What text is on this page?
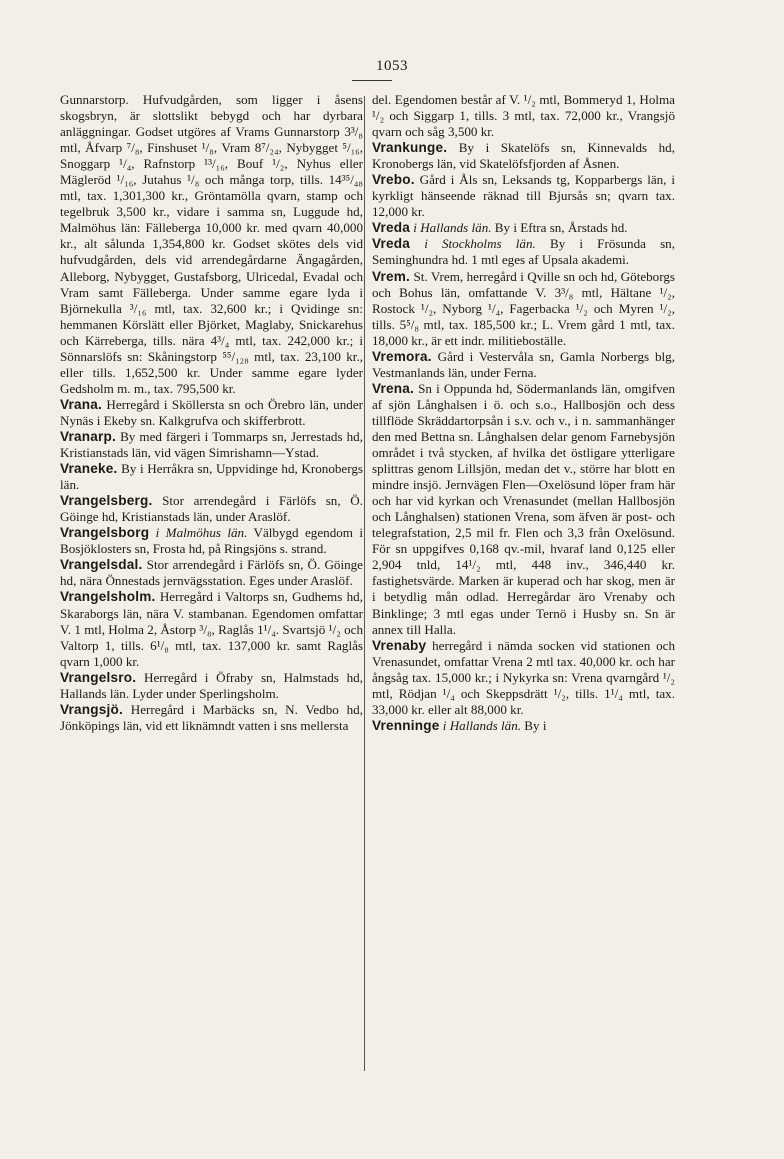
1053

Gunnarstorp. Hufvudgården, som ligger i åsens skogsbryn, är slottslikt bebygd och har dyrbara anläggningar. Godset utgöres af Vrams Gunnarstorp 3³/₈ mtl, Åfvarp ⁷/₈, Finshuset ¹/₈, Vram 8⁷/₂₄, Nybygget ⁵/₁₆, Snoggarp ¹/₄, Rafnstorp ¹³/₁₆, Bouf ¹/₂, Nyhus eller Mägleröd ¹/₁₆, Jutahus ¹/₈ och många torp, tills. 14³⁵/₄₈ mtl, tax. 1,301,300 kr., Gröntamölla qvarn, stamp och tegelbruk 3,500 kr., vidare i samma sn, Luggude hd, Malmöhus län: Fälleberga 10,000 kr. med qvarn 40,000 kr., alt sålunda 1,354,800 kr. Godset skötes dels vid hufvudgården, dels vid arrendegårdarne Ängagården, Alleborg, Nybygget, Gustafsborg, Ulricedal, Evadal och Vram samt Fälleberga. Under samme egare lyda i Björnekulla ³/₁₆ mtl, tax. 32,600 kr.; i Qvidinge sn: hemmanen Körslätt eller Björket, Maglaby, Snickarehus och Kärreberga, tills. nära 4³/₄ mtl, tax. 242,000 kr.; i Sönnarslöfs sn: Skåningstorp ⁵⁵/₁₂₈ mtl, tax. 23,100 kr., eller tills. 1,652,500 kr. Under samme egare lyder Gedsholm m. m., tax. 795,500 kr.

Vrana. Herregård i Sköllersta sn och Örebro län, under Nynäs i Ekeby sn. Kalkgrufva och skifferbrott.

Vranarp. By med färgeri i Tommarps sn, Jerrestads hd, Kristianstads län, vid vägen Simrishamn—Ystad.

Vraneke. By i Herråkra sn, Uppvidinge hd, Kronobergs län.

Vrangelsberg. Stor arrendegård i Färlöfs sn, Ö. Göinge hd, Kristianstads län, under Araslöf.

Vrangelsborg i Malmöhus län. Välbygd egendom i Bosjöklosters sn, Frosta hd, på Ringsjöns s. strand.

Vrangelsdal. Stor arrendegård i Färlöfs sn, Ö. Göinge hd, nära Önnestads jernvägsstation. Eges under Araslöf.

Vrangelsholm. Herregård i Valtorps sn, Gudhems hd, Skaraborgs län, nära V. stambanan. Egendomen omfattar V. 1 mtl, Holma 2, Åstorp ³/₈, Raglås 1¹/₄. Svartsjö ¹/₂ och Valtorp 1, tills. 6¹/₈ mtl, tax. 137,000 kr. samt Raglås qvarn 1,000 kr.

Vrangelsro. Herregård i Öfraby sn, Halmstads hd, Hallands län. Lyder under Sperlingsholm.

Vrangsjö. Herregård i Marbäcks sn, N. Vedbo hd, Jönköpings län, vid ett liknämndt vatten i sns mellersta

del. Egendomen består af V. ¹/₂ mtl, Bommeryd 1, Holma ¹/₂ och Siggarp 1, tills. 3 mtl, tax. 72,000 kr., Vrangsjö qvarn och såg 3,500 kr.

Vrankunge. By i Skatelöfs sn, Kinnevalds hd, Kronobergs län, vid Skatelöfsfjorden af Åsnen.

Vrebo. Gård i Åls sn, Leksands tg, Kopparbergs län, i kyrkligt hänseende räknad till Bjursås sn; qvarn tax. 12,000 kr.

Vreda i Hallands län. By i Eftra sn, Årstads hd.

Vreda i Stockholms län. By i Frösunda sn, Seminghundra hd. 1 mtl eges af Upsala akademi.

Vrem. St. Vrem, herregård i Qville sn och hd, Göteborgs och Bohus län, omfattande V. 3³/₈ mtl, Hältane ¹/₂, Rostock ¹/₂, Nyborg ¹/₄, Fagerbacka ¹/₂ och Myren ¹/₂, tills. 5⁵/₈ mtl, tax. 185,500 kr.; L. Vrem gård 1 mtl, tax. 18,000 kr., är ett indr. militieboställe.

Vremora. Gård i Vestervåla sn, Gamla Norbergs blg, Vestmanlands län, under Ferna.

Vrena. Sn i Oppunda hd, Södermanlands län, omgifven af sjön Långhalsen i ö. och s.o., Hallbosjön och dess tillflöde Skräddartorpsån i s.v. och v., i n. sammanhänger den med Bettna sn. Långhalsen delar genom Farnebysjön området i två stycken, af hvilka det östligare ytterligare splittras genom Lillsjön, medan det v., större har blott en mindre insjö. Jernvägen Flen—Oxelösund löper fram här och har vid kyrkan och Vrenasundet (mellan Hallbosjön och Långhalsen) stationen Vrena, som äfven är post- och telegrafstation, 2,5 mil fr. Flen och 3,3 från Oxelösund. För sn uppgifves 0,168 qv.-mil, hvaraf land 0,125 eller 2,904 tnld, 14¹/₂ mtl, 448 inv., 346,440 kr. fastighetsvärde. Marken är kuperad och har skog, men är i betydlig mån odlad. Herregårdar äro Vrenaby och Binklinge; 3 mtl egas under Ternö i Husby sn. Sn är annex till Halla.

Vrenaby herregård i nämda socken vid stationen och Vrenasundet, omfattar Vrena 2 mtl tax. 40,000 kr. och har ångsåg tax. 15,000 kr.; i Nykyrka sn: Vrena qvarngård ¹/₂ mtl, Rödjan ¹/₄ och Skeppsdrätt ¹/₂, tills. 1¹/₄ mtl, tax. 33,000 kr. eller alt 88,000 kr.

Vrenninge i Hallands län. By i
